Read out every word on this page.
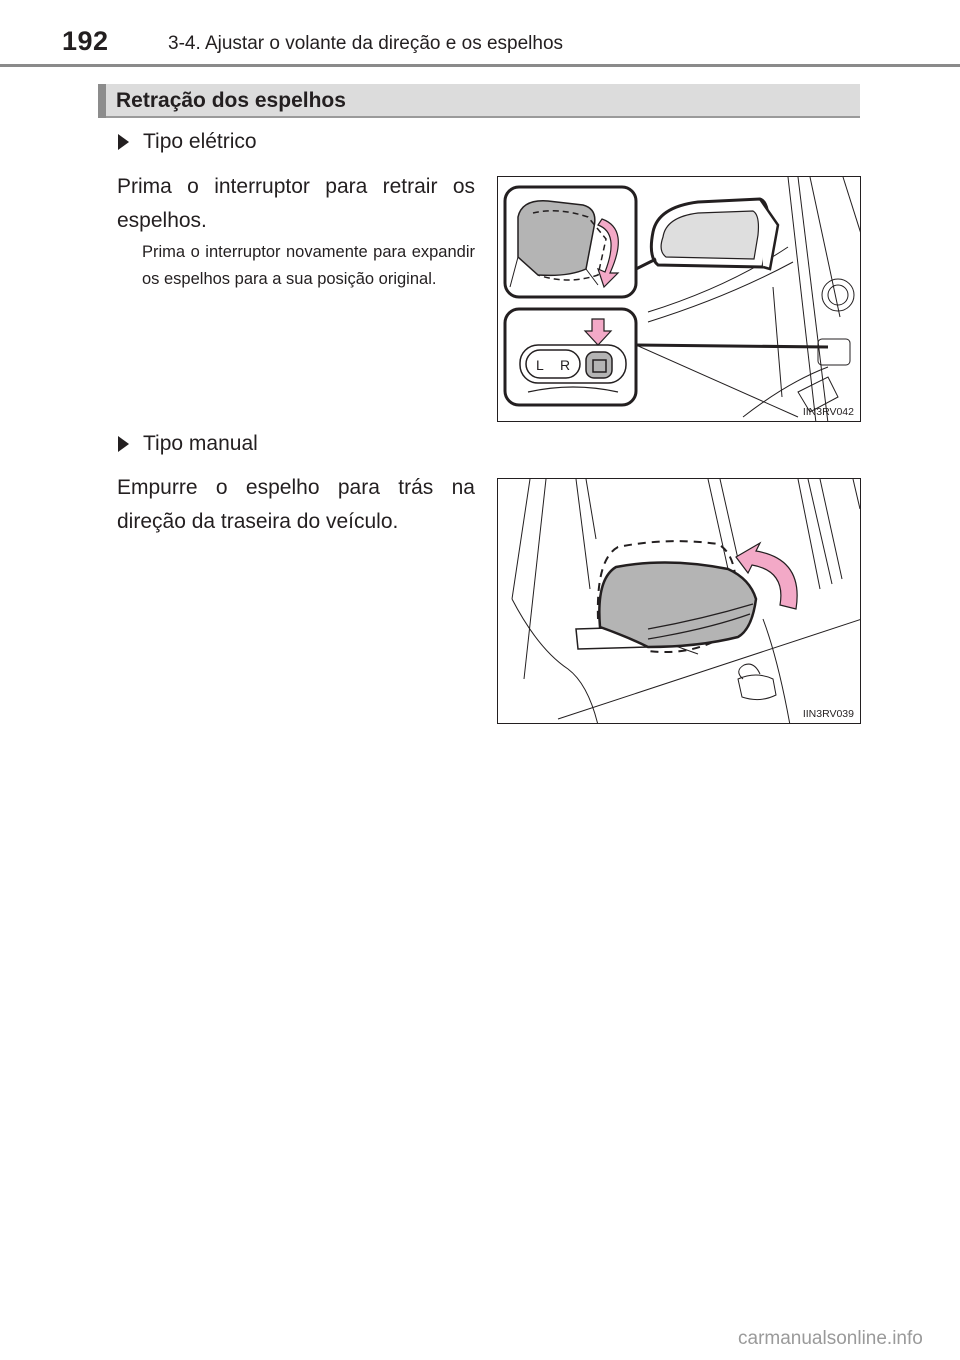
192	3-4. Ajustar o volante da direção e os espelhos
Retração dos espelhos
Tipo elétrico
Prima o interruptor para retrair os espelhos.
Prima o interruptor novamente para expandir os espelhos para a sua posição original.
L R
IIN3RV042
Tipo manual
Empurre o espelho para trás na direção da traseira do veículo.
IIN3RV039
carmanualsonline.info
